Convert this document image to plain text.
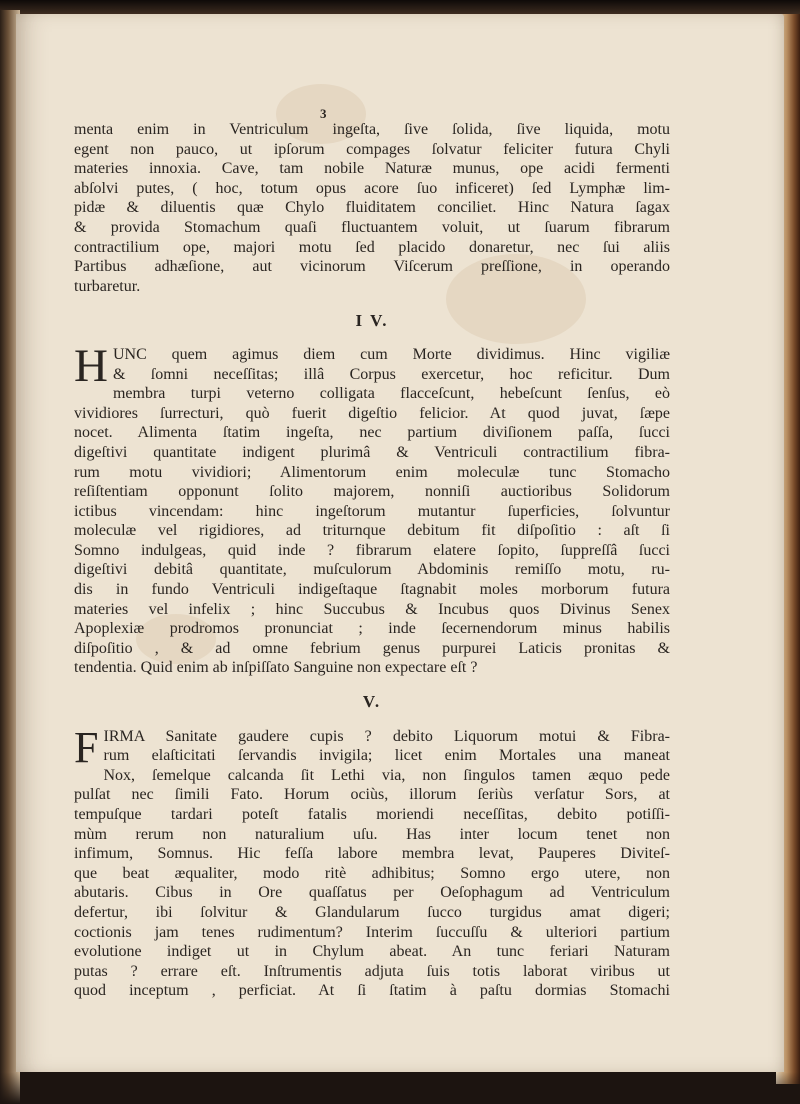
3
menta enim in Ventriculum ingeſta, ſive ſolida, ſive liquida, motu
egent non pauco, ut ipſorum compages ſolvatur feliciter futura Chyli
materies innoxia. Cave, tam nobile Naturæ munus, ope acidi fermenti
abſolvi putes, ( hoc, totum opus acore ſuo inficeret) ſed Lymphæ lim-
pidæ & diluentis quæ Chylo fluiditatem conciliet. Hinc Natura ſagax
& provida Stomachum quaſi fluctuantem voluit, ut ſuarum fibrarum
contractilium ope, majori motu ſed placido donaretur, nec ſui aliis
Partibus adhæſione, aut vicinorum Viſcerum preſſione, in operando
turbaretur.
I V.
H UNC quem agimus diem cum Morte dividimus. Hinc vigiliæ
& ſomni neceſſitas; illâ Corpus exercetur, hoc reficitur. Dum
membra turpi veterno colligata flacceſcunt, hebeſcunt ſenſus, eò
vividiores ſurrecturi, quò fuerit digeſtio felicior. At quod juvat, ſæpe
nocet. Alimenta ſtatim ingeſta, nec partium diviſionem paſſa, ſucci
digeſtivi quantitate indigent plurimâ & Ventriculi contractilium fibra-
rum motu vividiori; Alimentorum enim moleculæ tunc Stomacho
reſiſtentiam opponunt ſolito majorem, nonniſi auctioribus Solidorum
ictibus vincendam: hinc ingeſtorum mutantur ſuperficies, ſolvuntur
moleculæ vel rigidiores, ad triturnque debitum fit diſpoſitio : aſt ſi
Somno indulgeas, quid inde ? fibrarum elatere ſopito, ſuppreſſâ ſucci
digeſtivi debitâ quantitate, muſculorum Abdominis remiſſo motu, ru-
dis in fundo Ventriculi indigeſtaque ſtagnabit moles morborum futura
materies vel infelix ; hinc Succubus & Incubus quos Divinus Senex
Apoplexiæ prodromos pronunciat ; inde ſecernendorum minus habilis
diſpoſitio , & ad omne febrium genus purpurei Laticis pronitas &
tendentia. Quid enim ab inſpiſſato Sanguine non expectare eſt ?
V.
F IRMA Sanitate gaudere cupis ? debito Liquorum motui & Fibra-
rum elaſticitati ſervandis invigila; licet enim Mortales una maneat
Nox, ſemelque calcanda ſit Lethi via, non ſingulos tamen æquo pede
pulſat nec ſimili Fato. Horum ociùs, illorum ſeriùs verſatur Sors, at
tempuſque tardari poteſt fatalis moriendi neceſſitas, debito potiſſi-
mùm rerum non naturalium uſu. Has inter locum tenet non
infimum, Somnus. Hic feſſa labore membra levat, Pauperes Diviteſ-
que beat æqualiter, modo ritè adhibitus; Somno ergo utere, non
abutaris. Cibus in Ore quaſſatus per Oeſophagum ad Ventriculum
defertur, ibi ſolvitur & Glandularum ſucco turgidus amat digeri;
coctionis jam tenes rudimentum? Interim ſuccuſſu & ulteriori partium
evolutione indiget ut in Chylum abeat. An tunc feriari Naturam
putas ? errare eſt. Inſtrumentis adjuta ſuis totis laborat viribus ut
quod inceptum , perficiat. At ſi ſtatim à paſtu dormias Stomachi
